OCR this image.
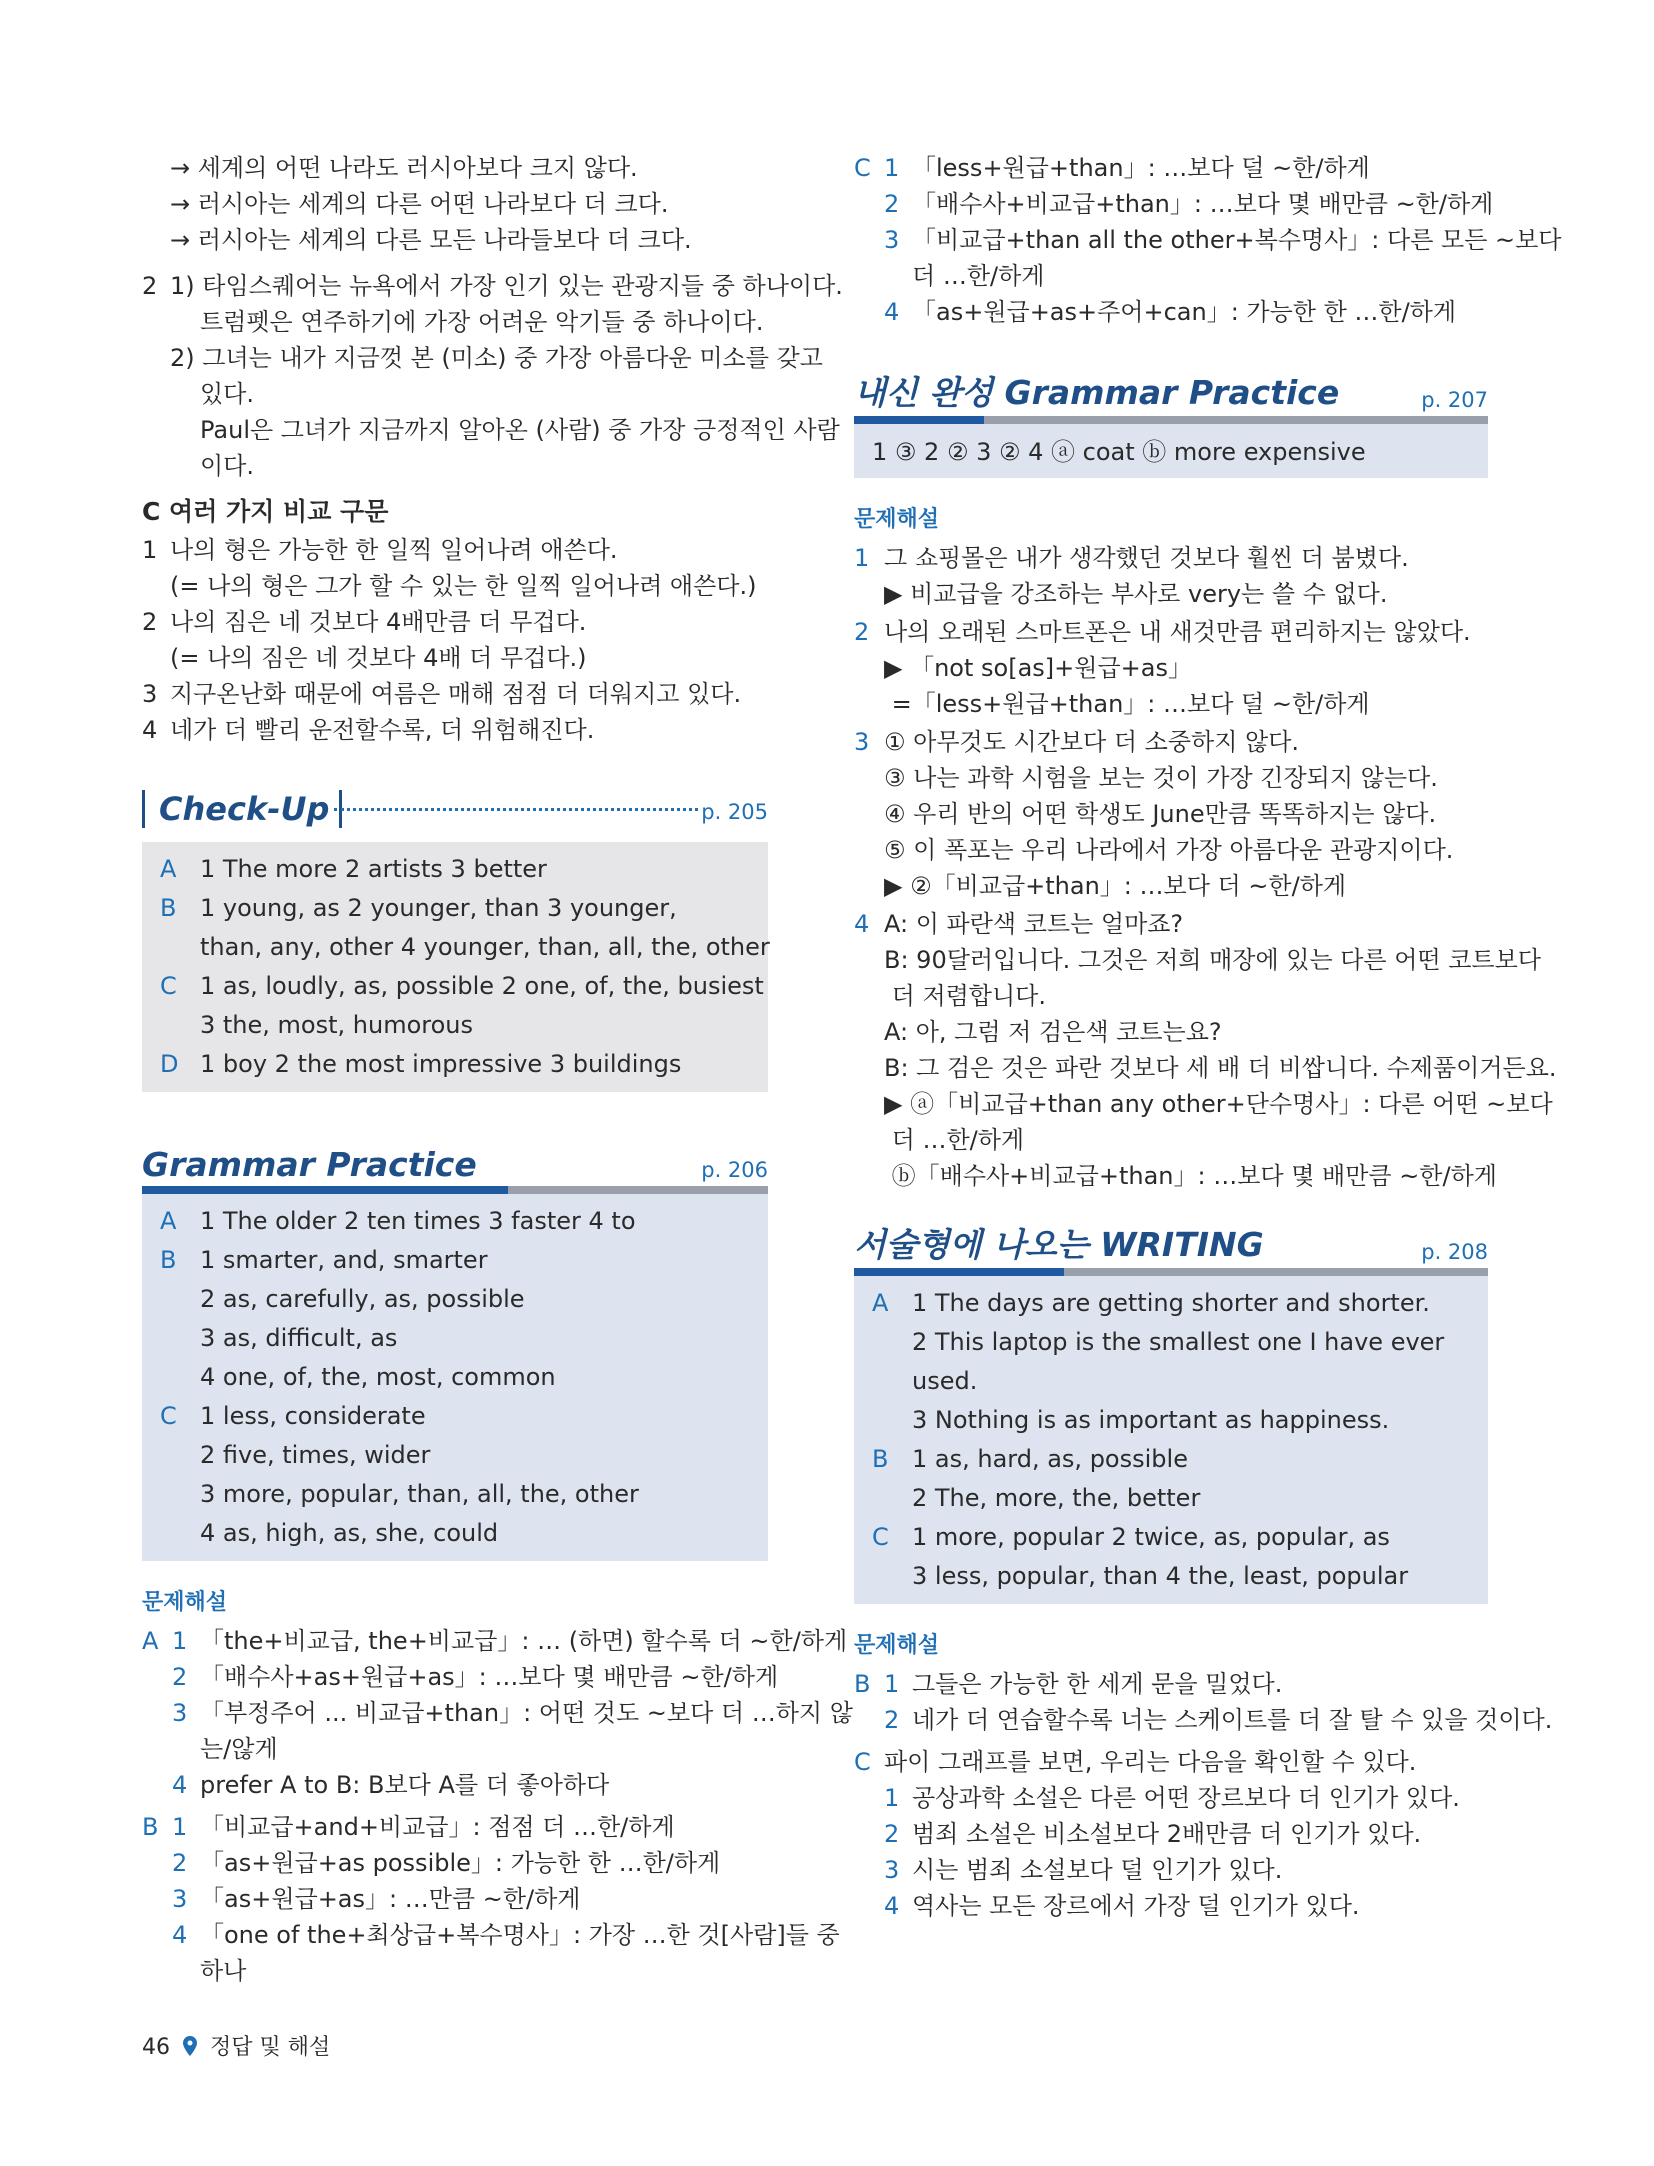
→ 세계의 어떤 나라도 러시아보다 크지 않다.
→ 러시아는 세계의 다른 어떤 나라보다 더 크다.
→ 러시아는 세계의 다른 모든 나라들보다 더 크다.
2 1) 타임스퀘어는 뉴욕에서 가장 인기 있는 관광지들 중 하나이다.
트럼펫은 연주하기에 가장 어려운 악기들 중 하나이다.
2) 그녀는 내가 지금껏 본 (미소) 중 가장 아름다운 미소를 갖고
있다.
Paul은 그녀가 지금까지 알아온 (사람) 중 가장 긍정적인 사람
이다.
C 여러 가지 비교 구문
1 나의 형은 가능한 한 일찍 일어나려 애쓴다.
(= 나의 형은 그가 할 수 있는 한 일찍 일어나려 애쓴다.)
2 나의 짐은 네 것보다 4배만큼 더 무겁다.
(= 나의 짐은 네 것보다 4배 더 무겁다.)
3 지구온난화 때문에 여름은 매해 점점 더 더워지고 있다.
4 네가 더 빨리 운전할수록, 더 위험해진다.
Check-Up	p. 205
A 1 The more 2 artists 3 better
B 1 young, as 2 younger, than 3 younger,
than, any, other 4 younger, than, all, the, other
C 1 as, loudly, as, possible 2 one, of, the, busiest
3 the, most, humorous
D 1 boy 2 the most impressive 3 buildings
Grammar Practice	p. 206
A 1 The older 2 ten times 3 faster 4 to
B 1 smarter, and, smarter
2 as, carefully, as, possible
3 as, difficult, as
4 one, of, the, most, common
C 1 less, considerate
2 five, times, wider
3 more, popular, than, all, the, other
4 as, high, as, she, could
문제해설
A 1 「the+비교급, the+비교급」: … (하면) 할수록 더 ~한/하게
2 「배수사+as+원급+as」: …보다 몇 배만큼 ~한/하게
3 「부정주어 ... 비교급+than」: 어떤 것도 ~보다 더 …하지 않
는/않게
4 prefer A to B: B보다 A를 더 좋아하다
B 1 「비교급+and+비교급」: 점점 더 …한/하게
2 「as+원급+as possible」: 가능한 한 …한/하게
3 「as+원급+as」: …만큼 ~한/하게
4 「one of the+최상급+복수명사」: 가장 …한 것[사람]들 중
하나
C 1 「less+원급+than」: …보다 덜 ~한/하게
2 「배수사+비교급+than」: …보다 몇 배만큼 ~한/하게
3 「비교급+than all the other+복수명사」: 다른 모든 ~보다
더 …한/하게
4 「as+원급+as+주어+can」: 가능한 한 …한/하게
내신 완성 Grammar Practice	p. 207
1 ③ 2 ② 3 ② 4 ⓐ coat ⓑ more expensive
문제해설
1 그 쇼핑몰은 내가 생각했던 것보다 훨씬 더 붐볐다.
▶ 비교급을 강조하는 부사로 very는 쓸 수 없다.
2 나의 오래된 스마트폰은 내 새것만큼 편리하지는 않았다.
▶ 「not so[as]+원급+as」
=「less+원급+than」: …보다 덜 ~한/하게
3 ① 아무것도 시간보다 더 소중하지 않다.
③ 나는 과학 시험을 보는 것이 가장 긴장되지 않는다.
④ 우리 반의 어떤 학생도 June만큼 똑똑하지는 않다.
⑤ 이 폭포는 우리 나라에서 가장 아름다운 관광지이다.
▶ ②「비교급+than」: …보다 더 ~한/하게
4 A: 이 파란색 코트는 얼마죠?
B: 90달러입니다. 그것은 저희 매장에 있는 다른 어떤 코트보다
더 저렴합니다.
A: 아, 그럼 저 검은색 코트는요?
B: 그 검은 것은 파란 것보다 세 배 더 비쌉니다. 수제품이거든요.
▶ ⓐ「비교급+than any other+단수명사」: 다른 어떤 ~보다
더 …한/하게
ⓑ「배수사+비교급+than」: …보다 몇 배만큼 ~한/하게
서술형에 나오는 WRITING	p. 208
A 1 The days are getting shorter and shorter.
2 This laptop is the smallest one I have ever
used.
3 Nothing is as important as happiness.
B 1 as, hard, as, possible
2 The, more, the, better
C 1 more, popular 2 twice, as, popular, as
3 less, popular, than 4 the, least, popular
문제해설
B 1 그들은 가능한 한 세게 문을 밀었다.
2 네가 더 연습할수록 너는 스케이트를 더 잘 탈 수 있을 것이다.
C 파이 그래프를 보면, 우리는 다음을 확인할 수 있다.
1 공상과학 소설은 다른 어떤 장르보다 더 인기가 있다.
2 범죄 소설은 비소설보다 2배만큼 더 인기가 있다.
3 시는 범죄 소설보다 덜 인기가 있다.
4 역사는 모든 장르에서 가장 덜 인기가 있다.
46 정답 및 해설
